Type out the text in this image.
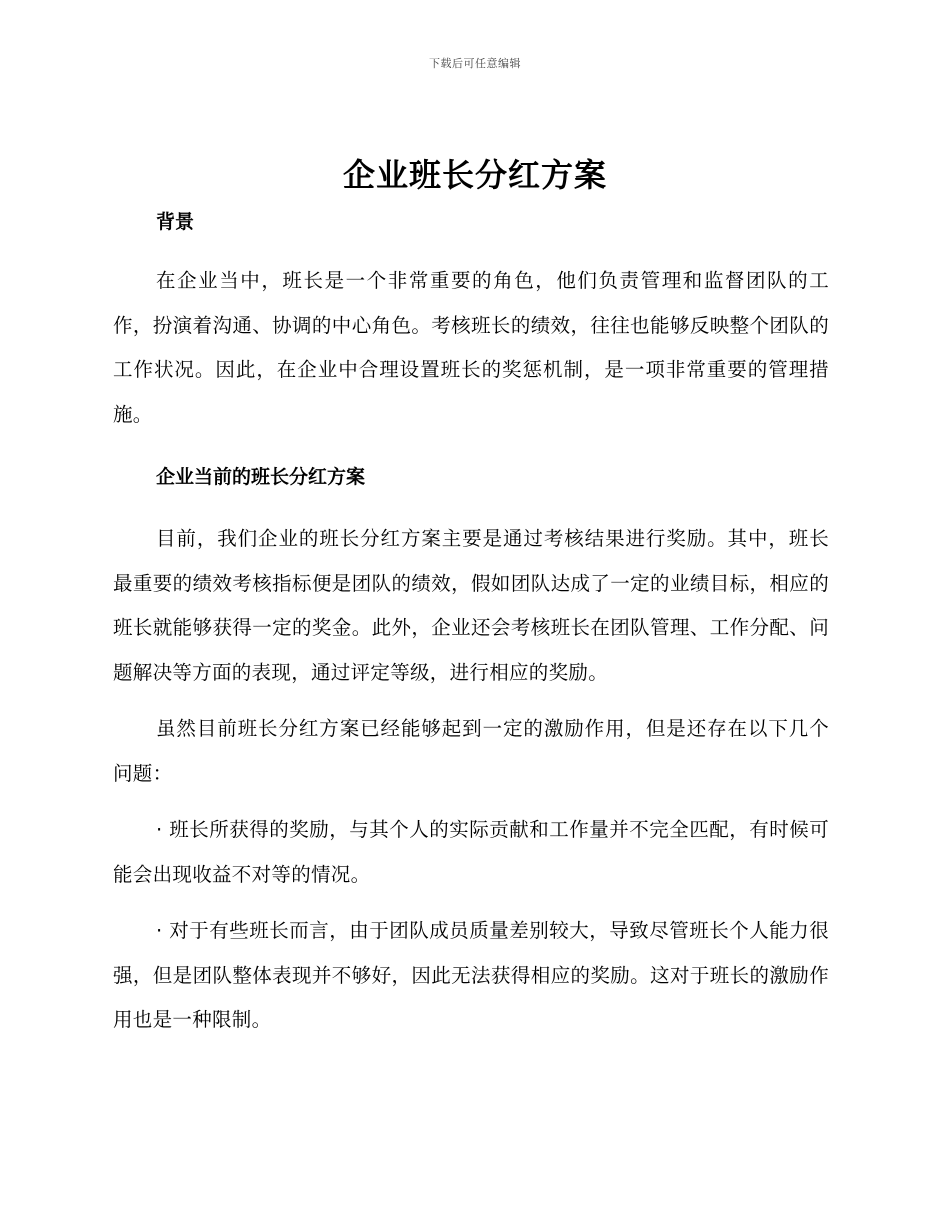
下载后可任意编辑
企业班长分红方案
背景

在企业当中，班长是一个非常重要的角色，他们负责管理和监督团队的工作，扮演着沟通、协调的中心角色。考核班长的绩效，往往也能够反映整个团队的工作状况。因此，在企业中合理设置班长的奖惩机制，是一项非常重要的管理措施。

企业当前的班长分红方案

目前，我们企业的班长分红方案主要是通过考核结果进行奖励。其中，班长最重要的绩效考核指标便是团队的绩效，假如团队达成了一定的业绩目标，相应的班长就能够获得一定的奖金。此外，企业还会考核班长在团队管理、工作分配、问题解决等方面的表现，通过评定等级，进行相应的奖励。

虽然目前班长分红方案已经能够起到一定的激励作用，但是还存在以下几个问题：

· 班长所获得的奖励，与其个人的实际贡献和工作量并不完全匹配，有时候可能会出现收益不对等的情况。

· 对于有些班长而言，由于团队成员质量差别较大，导致尽管班长个人能力很强，但是团队整体表现并不够好，因此无法获得相应的奖励。这对于班长的激励作用也是一种限制。
